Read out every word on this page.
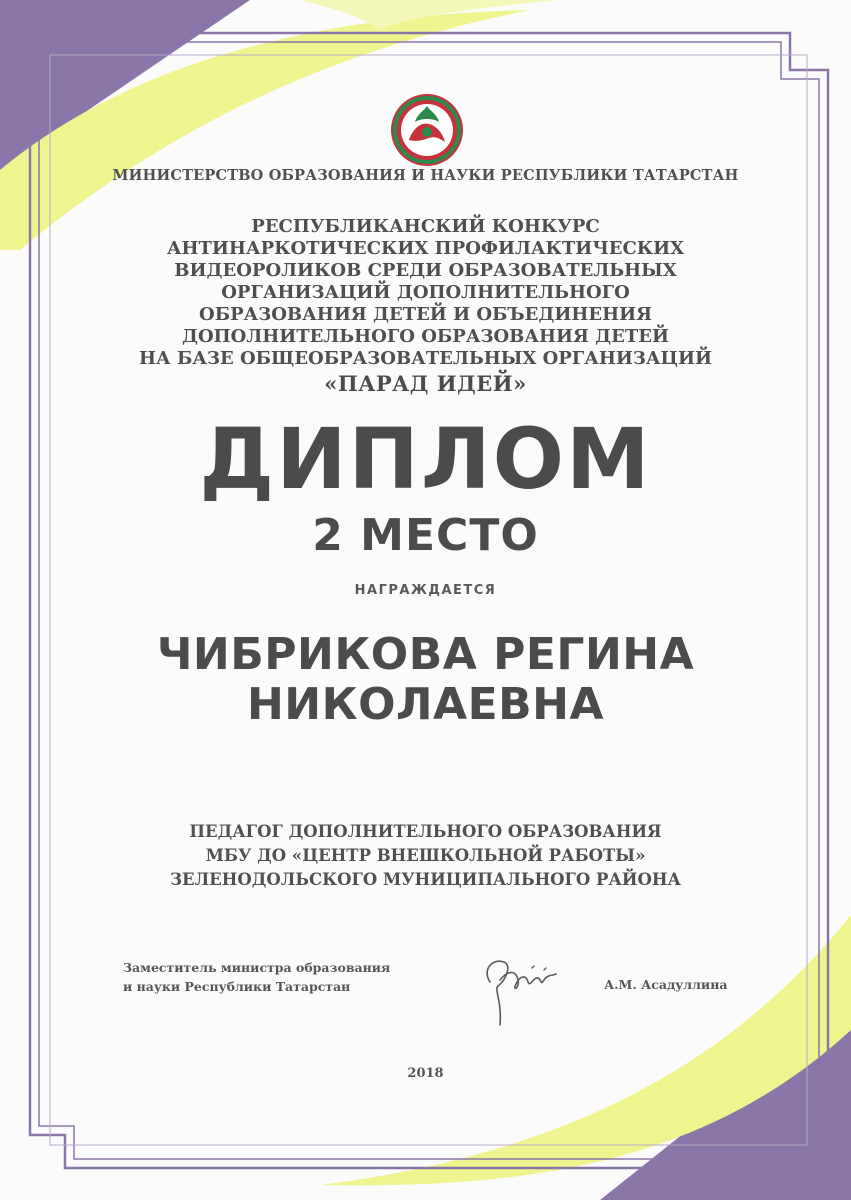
МИНИСТЕРСТВО ОБРАЗОВАНИЯ И НАУКИ РЕСПУБЛИКИ ТАТАРСТАН
РЕСПУБЛИКАНСКИЙ КОНКУРС
АНТИНАРКОТИЧЕСКИХ ПРОФИЛАКТИЧЕСКИХ
ВИДЕОРОЛИКОВ СРЕДИ ОБРАЗОВАТЕЛЬНЫХ
ОРГАНИЗАЦИЙ ДОПОЛНИТЕЛЬНОГО
ОБРАЗОВАНИЯ ДЕТЕЙ И ОБЪЕДИНЕНИЯ
ДОПОЛНИТЕЛЬНОГО ОБРАЗОВАНИЯ ДЕТЕЙ
НА БАЗЕ ОБЩЕОБРАЗОВАТЕЛЬНЫХ ОРГАНИЗАЦИЙ
«ПАРАД ИДЕЙ»
ДИПЛОМ
2 МЕСТО
НАГРАЖДАЕТСЯ
ЧИБРИКОВА РЕГИНА
НИКОЛАЕВНА
ПЕДАГОГ ДОПОЛНИТЕЛЬНОГО ОБРАЗОВАНИЯ
МБУ ДО «ЦЕНТР ВНЕШКОЛЬНОЙ РАБОТЫ»
ЗЕЛЕНОДОЛЬСКОГО МУНИЦИПАЛЬНОГО РАЙОНА
Заместитель министра образования
и науки Республики Татарстан	А.М. Асадуллина
2018
